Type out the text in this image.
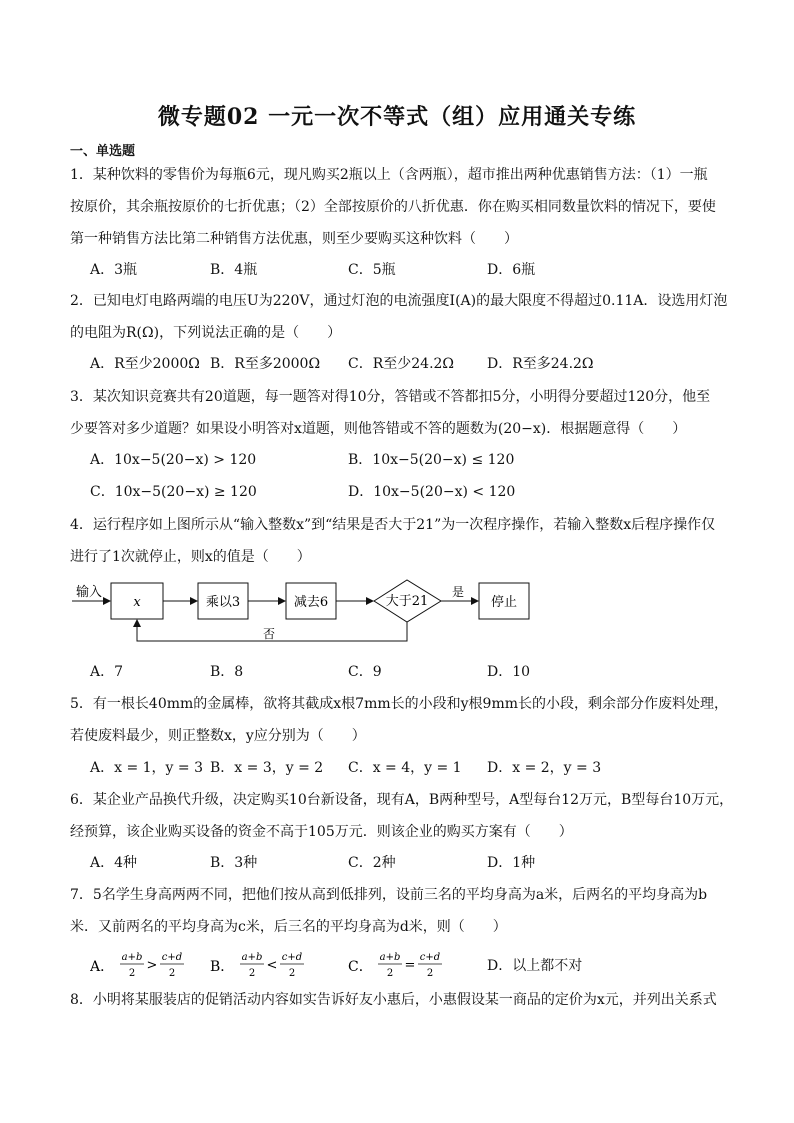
微专题02 一元一次不等式（组）应用通关专练
一、单选题
1．某种饮料的零售价为每瓶6元，现凡购买2瓶以上（含两瓶），超市推出两种优惠销售方法：（1）一瓶
按原价，其余瓶按原价的七折优惠；（2）全部按原价的八折优惠．你在购买相同数量饮料的情况下，要使
第一种销售方法比第二种销售方法优惠，则至少要购买这种饮料（　　）
A．3瓶	B．4瓶	C．5瓶	D．6瓶
2．已知电灯电路两端的电压U为220V，通过灯泡的电流强度I(A)的最大限度不得超过0.11A．设选用灯泡
的电阻为R(Ω)，下列说法正确的是（　　）
A．R至少2000Ω B．R至多2000Ω C．R至少24.2Ω D．R至多24.2Ω
3．某次知识竞赛共有20道题，每一题答对得10分，答错或不答都扣5分，小明得分要超过120分，他至
少要答对多少道题？如果设小明答对x道题，则他答错或不答的题数为(20−x)．根据题意得（　　）
A．10x−5(20−x) > 120	B．10x−5(20−x) ≤ 120
C．10x−5(20−x) ≥ 120	D．10x−5(20−x) < 120
4．运行程序如上图所示从“输入整数x”到“结果是否大于21”为一次程序操作，若输入整数x后程序操作仅
进行了1次就停止，则x的值是（　　）
输入
x	乘以3	减去6	大于21
是
停止
否
A．7	B．8	C．9	D．10
5．有一根长40mm的金属棒，欲将其截成x根7mm长的小段和y根9mm长的小段，剩余部分作废料处理，
若使废料最少，则正整数x，y应分别为（　　）
A．x = 1，y = 3 B．x = 3，y = 2 C．x = 4，y = 1 D．x = 2，y = 3
6．某企业产品换代升级，决定购买10台新设备，现有A，B两种型号，A型每台12万元，B型每台10万元，
经预算，该企业购买设备的资金不高于105万元．则该企业的购买方案有（　　）
A．4种	B．3种	C．2种	D．1种
7．5名学生身高两两不同，把他们按从高到低排列，设前三名的平均身高为a米，后两名的平均身高为b
米．又前两名的平均身高为c米，后三名的平均身高为d米，则（　　）
A．
a+b
2
>
c+d
2 B．
a+b
2
<
c+d
2	C．
a+b
2
=
c+d
2	D．以上都不对
8．小明将某服装店的促销活动内容如实告诉好友小惠后，小惠假设某一商品的定价为x元，并列出关系式
